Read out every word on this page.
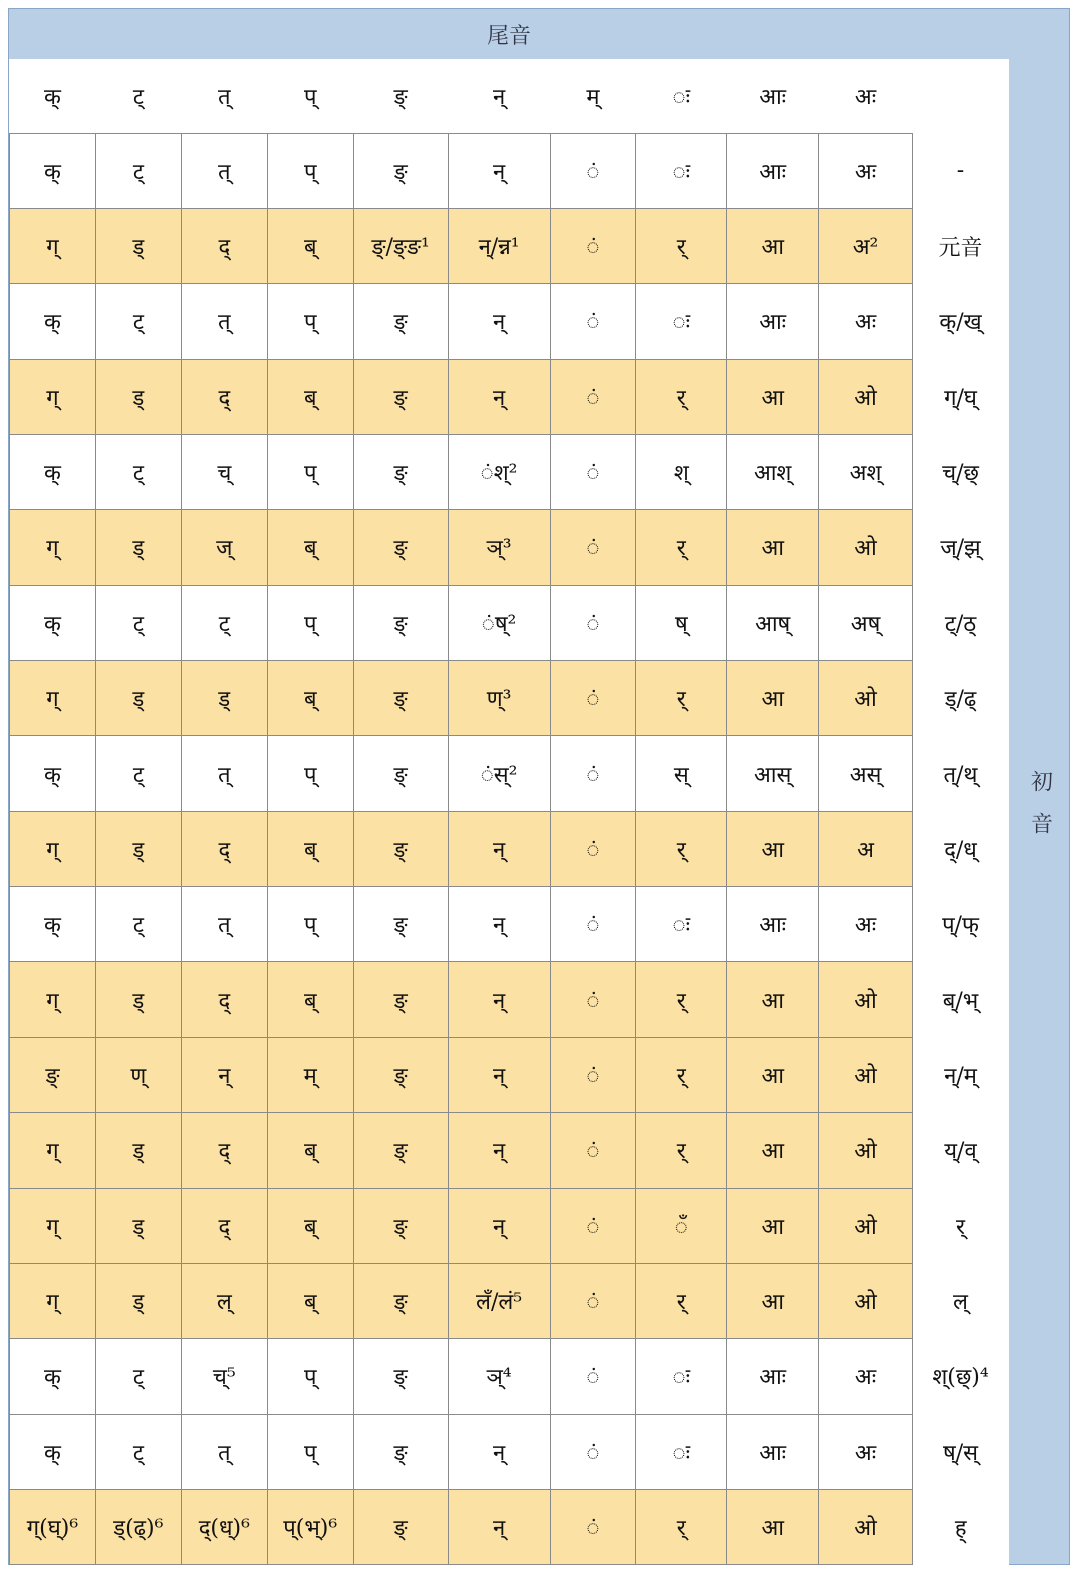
尾音
初音
क्	ट्	त्	प्	ङ्	न्	म्	ः	आः	अः	
क्	ट्	त्	प्	ङ्	न्	ं	ः	आः	अः	-
ग्	ड्	द्	ब्	ङ्/ङ्ङ¹	न्/न्न¹	ं	र्	आ	अ²	元音
क्	ट्	त्	प्	ङ्	न्	ं	ः	आः	अः	क्/ख्
ग्	ड्	द्	ब्	ङ्	न्	ं	र्	आ	ओ	ग्/घ्
क्	ट्	च्	प्	ङ्	ंश्²	ं	श्	आश्	अश्	च्/छ्
ग्	ड्	ज्	ब्	ङ्	ञ्³	ं	र्	आ	ओ	ज्/झ्
क्	ट्	ट्	प्	ङ्	ंष्²	ं	ष्	आष्	अष्	ट्/ठ्
ग्	ड्	ड्	ब्	ङ्	ण्³	ं	र्	आ	ओ	ड्/ढ्
क्	ट्	त्	प्	ङ्	ंस्²	ं	स्	आस्	अस्	त्/थ्
ग्	ड्	द्	ब्	ङ्	न्	ं	र्	आ	अ	द्/ध्
क्	ट्	त्	प्	ङ्	न्	ं	ः	आः	अः	प्/फ्
ग्	ड्	द्	ब्	ङ्	न्	ं	र्	आ	ओ	ब्/भ्
ङ्	ण्	न्	म्	ङ्	न्	ं	र्	आ	ओ	न्/म्
ग्	ड्	द्	ब्	ङ्	न्	ं	र्	आ	ओ	य्/व्
ग्	ड्	द्	ब्	ङ्	न्	ं	ँ	आ	ओ	र्
ग्	ड्	ल्	ब्	ङ्	लँ/लं⁵	ं	र्	आ	ओ	ल्
क्	ट्	च्⁵	प्	ङ्	ञ्⁴	ं	ः	आः	अः	श्(छ्)⁴
क्	ट्	त्	प्	ङ्	न्	ं	ः	आः	अः	ष्/स्
ग्(घ्)⁶	ड्(ढ्)⁶	द्(ध्)⁶	प्(भ्)⁶	ङ्	न्	ं	र्	आ	ओ	ह्
